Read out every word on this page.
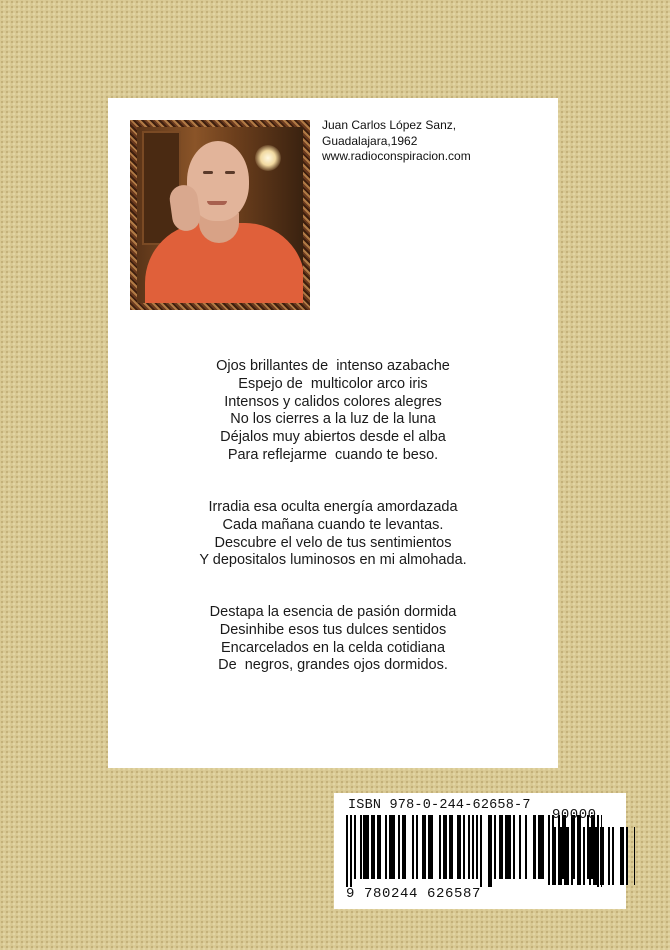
Juan Carlos López Sanz,
Guadalajara,1962
www.radioconspiracion.com
Ojos brillantes de  intenso azabache
Espejo de  multicolor arco iris
Intensos y calidos colores alegres
No los cierres a la luz de la luna
Déjalos muy abiertos desde el alba
Para reflejarme  cuando te beso.
Irradia esa oculta energía amordazada
Cada mañana cuando te levantas.
Descubre el velo de tus sentimientos
Y depositalos luminosos en mi almohada.
Destapa la esencia de pasión dormida
Desinhibe esos tus dulces sentidos
Encarcelados en la celda cotidiana
De  negros, grandes ojos dormidos.
ISBN 978-0-244-62658-7
9 780244 626587
90000
